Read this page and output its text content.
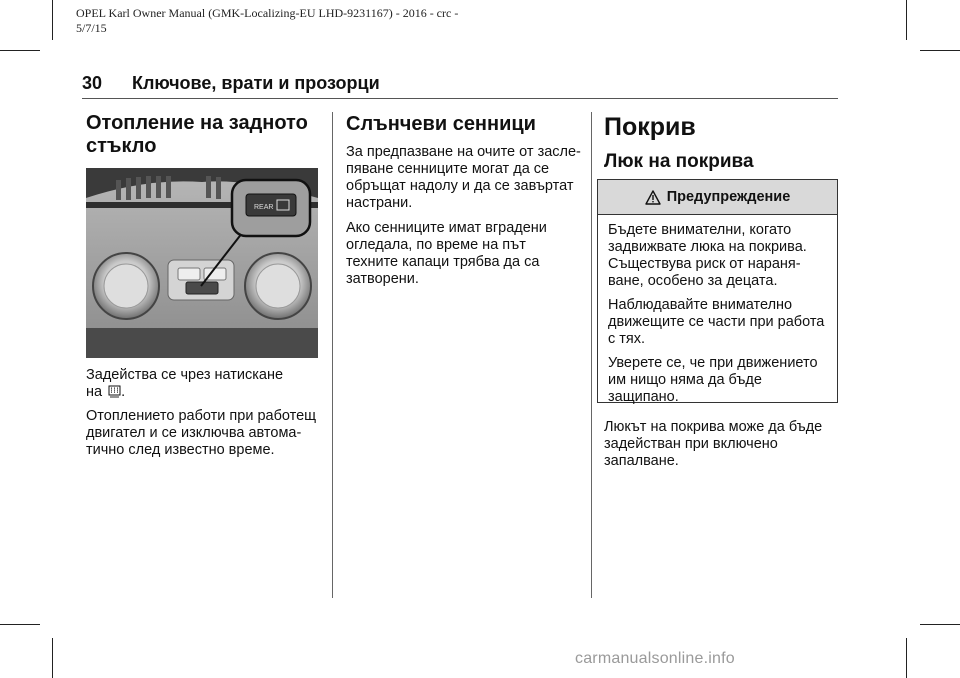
OPEL Karl Owner Manual (GMK-Localizing-EU LHD-9231167) - 2016 - crc -
5/7/15
30 Ключове, врати и прозорци

Отопление на задното
стъкло

REAR

Задействa се чрез натискане
на .

Отоплението работи при работещ
двигател и се изключва автома-
тично след известно време.

Слънчеви сенници

За предпазване на очите от засле-
пяване сенниците могат да се
обръщат надолу и да се завъртат
настрани.

Ако сенниците имат вградени
огледала, по време на път
техните капаци трябва да са
затворени.

Покрив

Люк на покрива

Предупреждение

Бъдете внимателни, когато
задвижвате люка на покрива.
Съществува риск от нараня-
ване, особено за децата.

Наблюдавайте внимателно
движещите се части при работа
с тях.

Уверете се, че при движението
им нищо няма да бъде
защипано.

Люкът на покрива може да бъде
задействан при включено
запалване.

carmanualsonline.info
